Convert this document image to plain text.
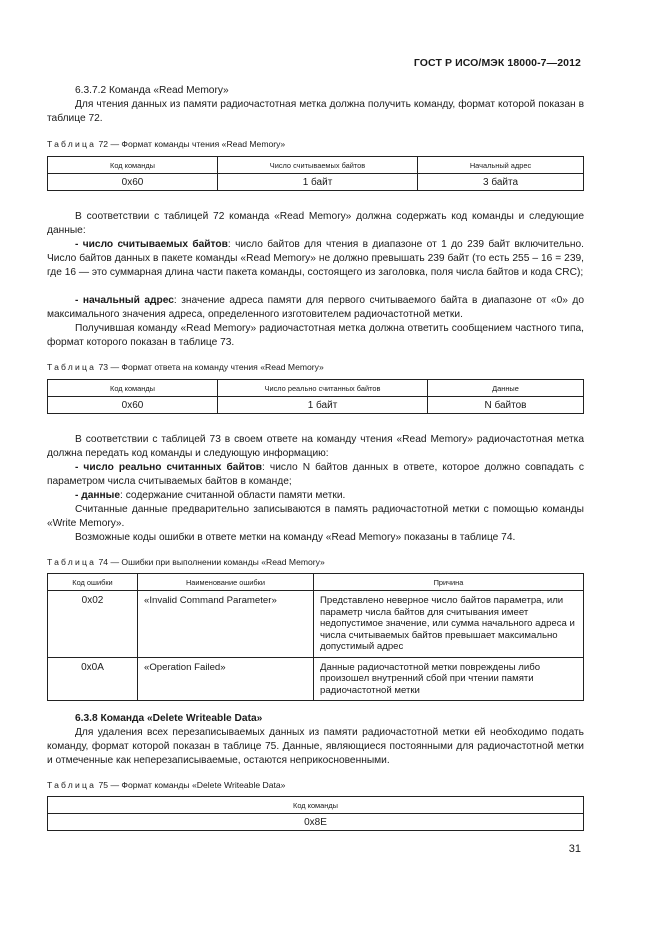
ГОСТ Р ИСО/МЭК 18000-7—2012
6.3.7.2 Команда «Read Memory»
Для чтения данных из памяти радиочастотная метка должна получить команду, формат которой показан в таблице 72.
Таблица 72 — Формат команды чтения «Read Memory»
Код команды	Число считываемых байтов	Начальный адрес
0x60	1 байт	3 байта
В соответствии с таблицей 72 команда «Read Memory» должна содержать код команды и следующие данные:
- число считываемых байтов: число байтов для чтения в диапазоне от 1 до 239 байт включительно. Число байтов данных в пакете команды «Read Memory» не должно превышать 239 байт (то есть 255 – 16 = 239, где 16 — это суммарная длина части пакета команды, состоящего из заголовка, поля числа байтов и кода CRC);
- начальный адрес: значение адреса памяти для первого считываемого байта в диапазоне от «0» до максимального значения адреса, определенного изготовителем радиочастотной метки.
Получившая команду «Read Memory» радиочастотная метка должна ответить сообщением частного типа, формат которого показан в таблице 73.
Таблица 73 — Формат ответа на команду чтения «Read Memory»
Код команды	Число реально считанных байтов	Данные
0x60	1 байт	N байтов
В соответствии с таблицей 73 в своем ответе на команду чтения «Read Memory» радиочастотная метка должна передать код команды и следующую информацию:
- число реально считанных байтов: число N байтов данных в ответе, которое должно совпадать с параметром числа считываемых байтов в команде;
- данные: содержание считанной области памяти метки.
Считанные данные предварительно записываются в память радиочастотной метки с помощью команды «Write Memory».
Возможные коды ошибки в ответе метки на команду «Read Memory» показаны в таблице 74.
Таблица 74 — Ошибки при выполнении команды «Read Memory»
Код ошибки	Наименование ошибки	Причина
0x02	«Invalid Command Parameter»	Представлено неверное число байтов параметра, или параметр числа байтов для считывания имеет недопустимое значение, или сумма начального адреса и числа считываемых байтов превышает максимально допустимый адрес
0x0A	«Operation Failed»	Данные радиочастотной метки повреждены либо произошел внутренний сбой при чтении памяти радиочастотной метки
6.3.8 Команда «Delete Writeable Data»
Для удаления всех перезаписываемых данных из памяти радиочастотной метки ей необходимо подать команду, формат которой показан в таблице 75. Данные, являющиеся постоянными для радиочастотной метки и отмеченные как неперезаписываемые, остаются неприкосновенными.
Таблица 75 — Формат команды «Delete Writeable Data»
Код команды
0x8E
31
